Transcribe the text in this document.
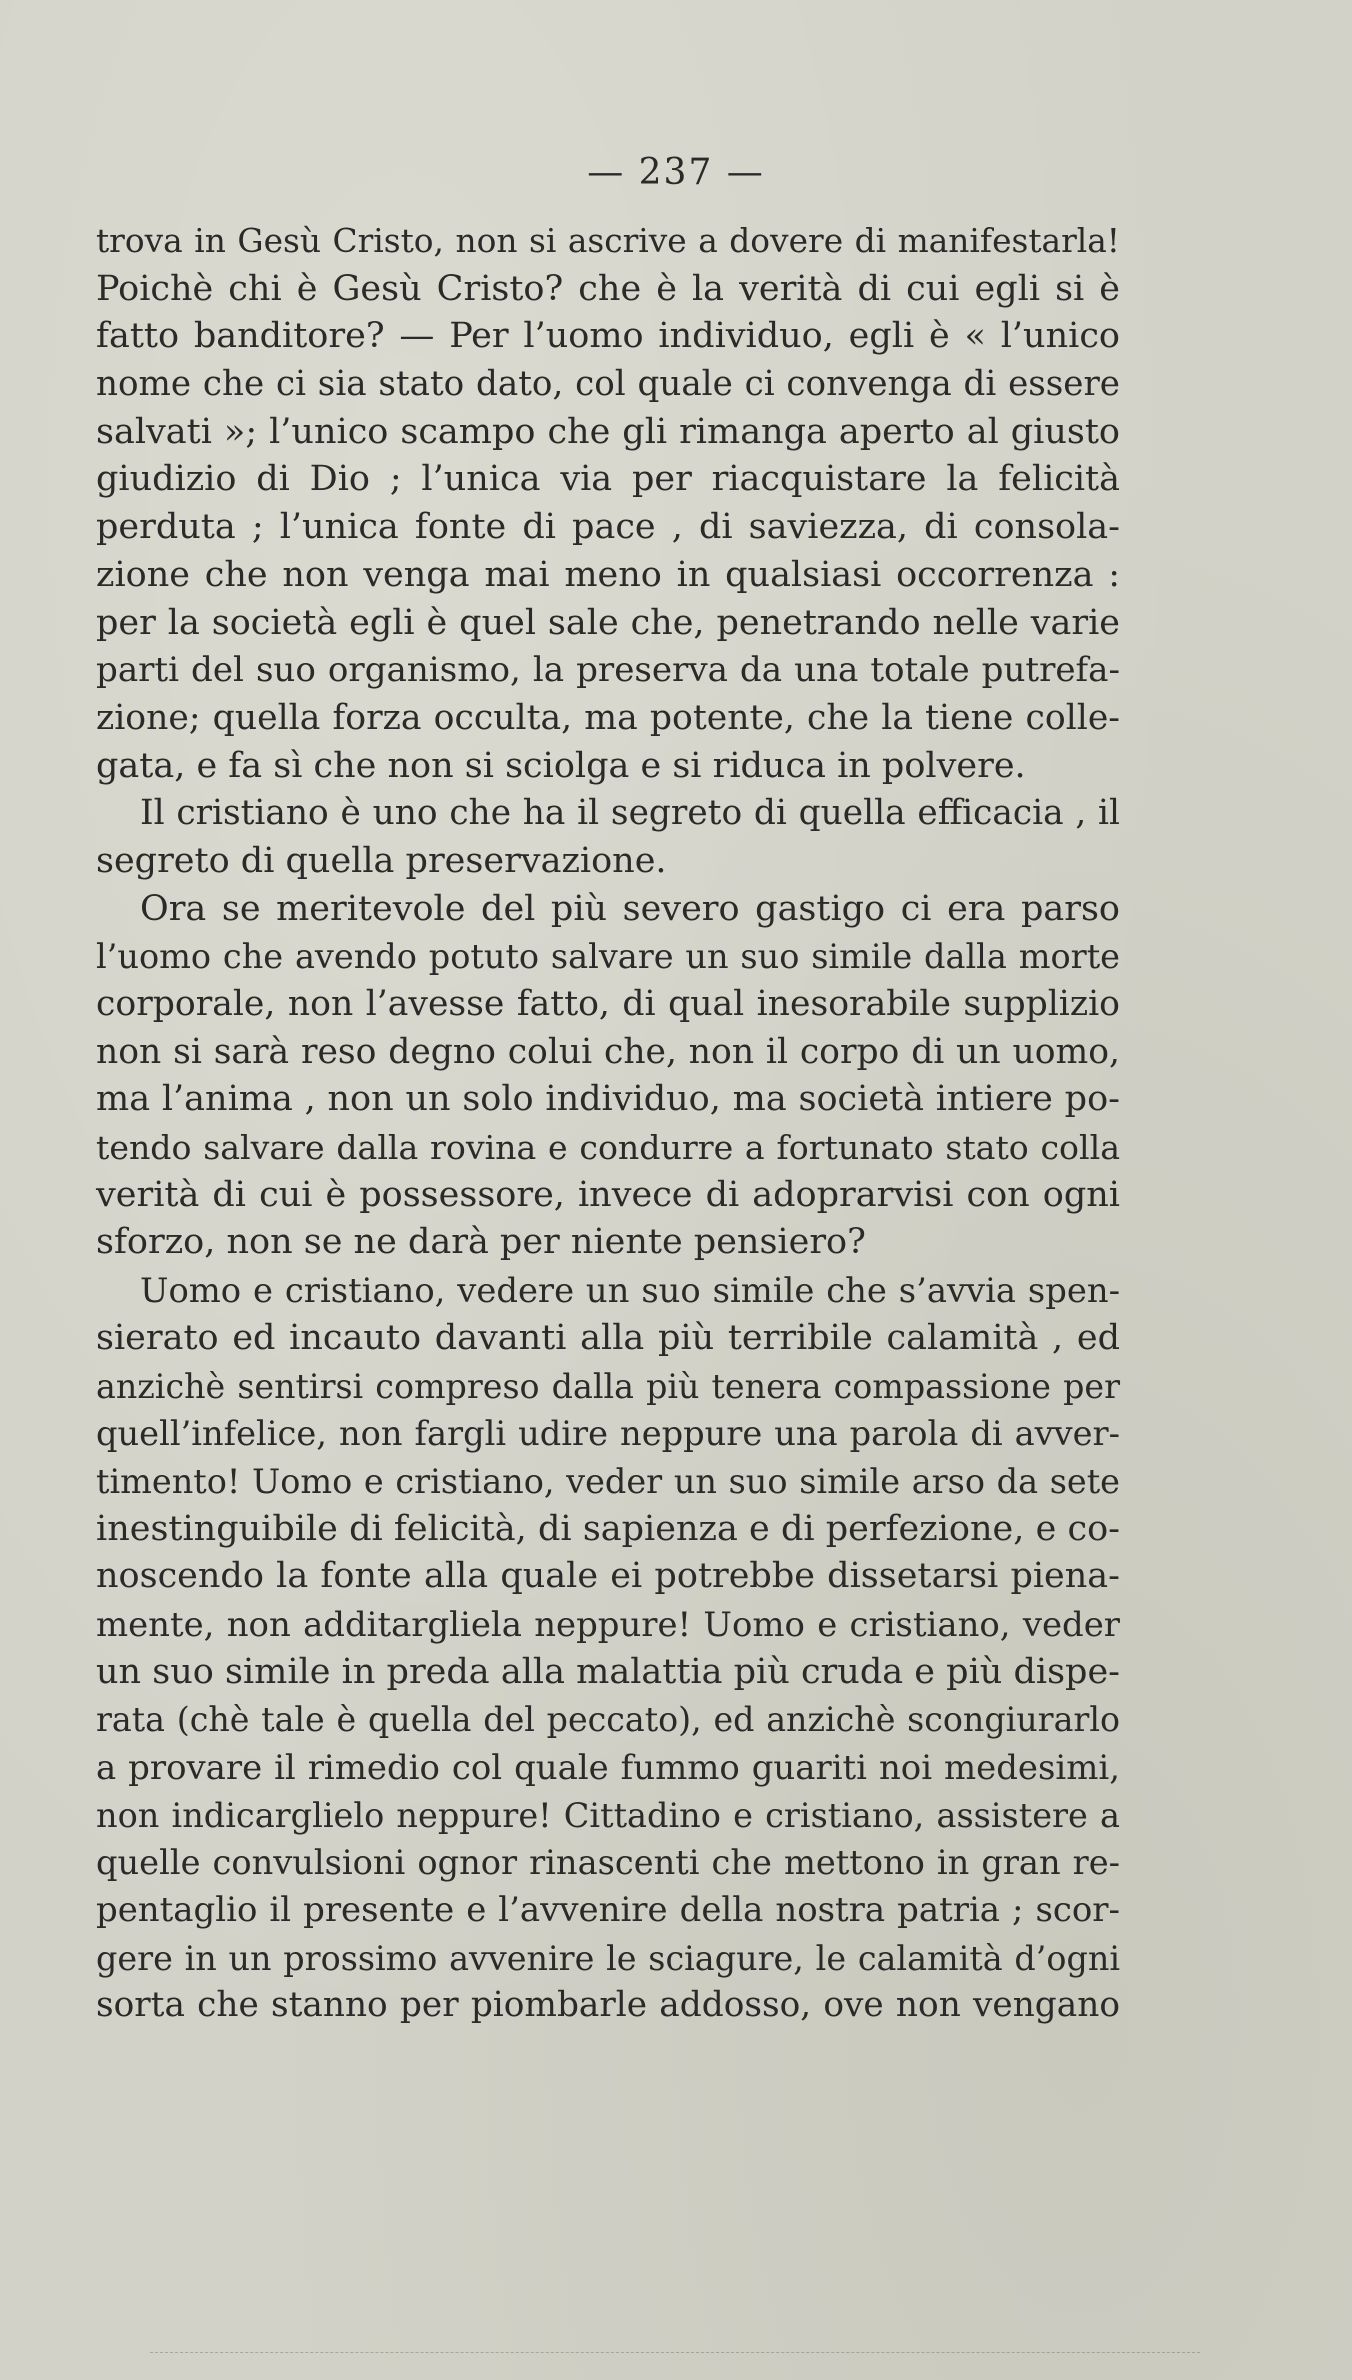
— 237 —
trova in Gesù Cristo, non si ascrive a dovere di manifestarla!
Poichè chi è Gesù Cristo? che è la verità di cui egli si è
fatto banditore? — Per l’uomo individuo, egli è « l’unico
nome che ci sia stato dato, col quale ci convenga di essere
salvati »; l’unico scampo che gli rimanga aperto al giusto
giudizio di Dio ; l’unica via per riacquistare la felicità
perduta ; l’unica fonte di pace , di saviezza, di consola-
zione che non venga mai meno in qualsiasi occorrenza :
per la società egli è quel sale che, penetrando nelle varie
parti del suo organismo, la preserva da una totale putrefa-
zione; quella forza occulta, ma potente, che la tiene colle-
gata, e fa sì che non si sciolga e si riduca in polvere.
Il cristiano è uno che ha il segreto di quella efficacia , il
segreto di quella preservazione.
Ora se meritevole del più severo gastigo ci era parso
l’uomo che avendo potuto salvare un suo simile dalla morte
corporale, non l’avesse fatto, di qual inesorabile supplizio
non si sarà reso degno colui che, non il corpo di un uomo,
ma l’anima , non un solo individuo, ma società intiere po-
tendo salvare dalla rovina e condurre a fortunato stato colla
verità di cui è possessore, invece di adoprarvisi con ogni
sforzo, non se ne darà per niente pensiero?
Uomo e cristiano, vedere un suo simile che s’avvia spen-
sierato ed incauto davanti alla più terribile calamità , ed
anzichè sentirsi compreso dalla più tenera compassione per
quell’infelice, non fargli udire neppure una parola di avver-
timento! Uomo e cristiano, veder un suo simile arso da sete
inestinguibile di felicità, di sapienza e di perfezione, e co-
noscendo la fonte alla quale ei potrebbe dissetarsi piena-
mente, non additargliela neppure! Uomo e cristiano, veder
un suo simile in preda alla malattia più cruda e più dispe-
rata (chè tale è quella del peccato), ed anzichè scongiurarlo
a provare il rimedio col quale fummo guariti noi medesimi,
non indicarglielo neppure! Cittadino e cristiano, assistere a
quelle convulsioni ognor rinascenti che mettono in gran re-
pentaglio il presente e l’avvenire della nostra patria ; scor-
gere in un prossimo avvenire le sciagure, le calamità d’ogni
sorta che stanno per piombarle addosso, ove non vengano
